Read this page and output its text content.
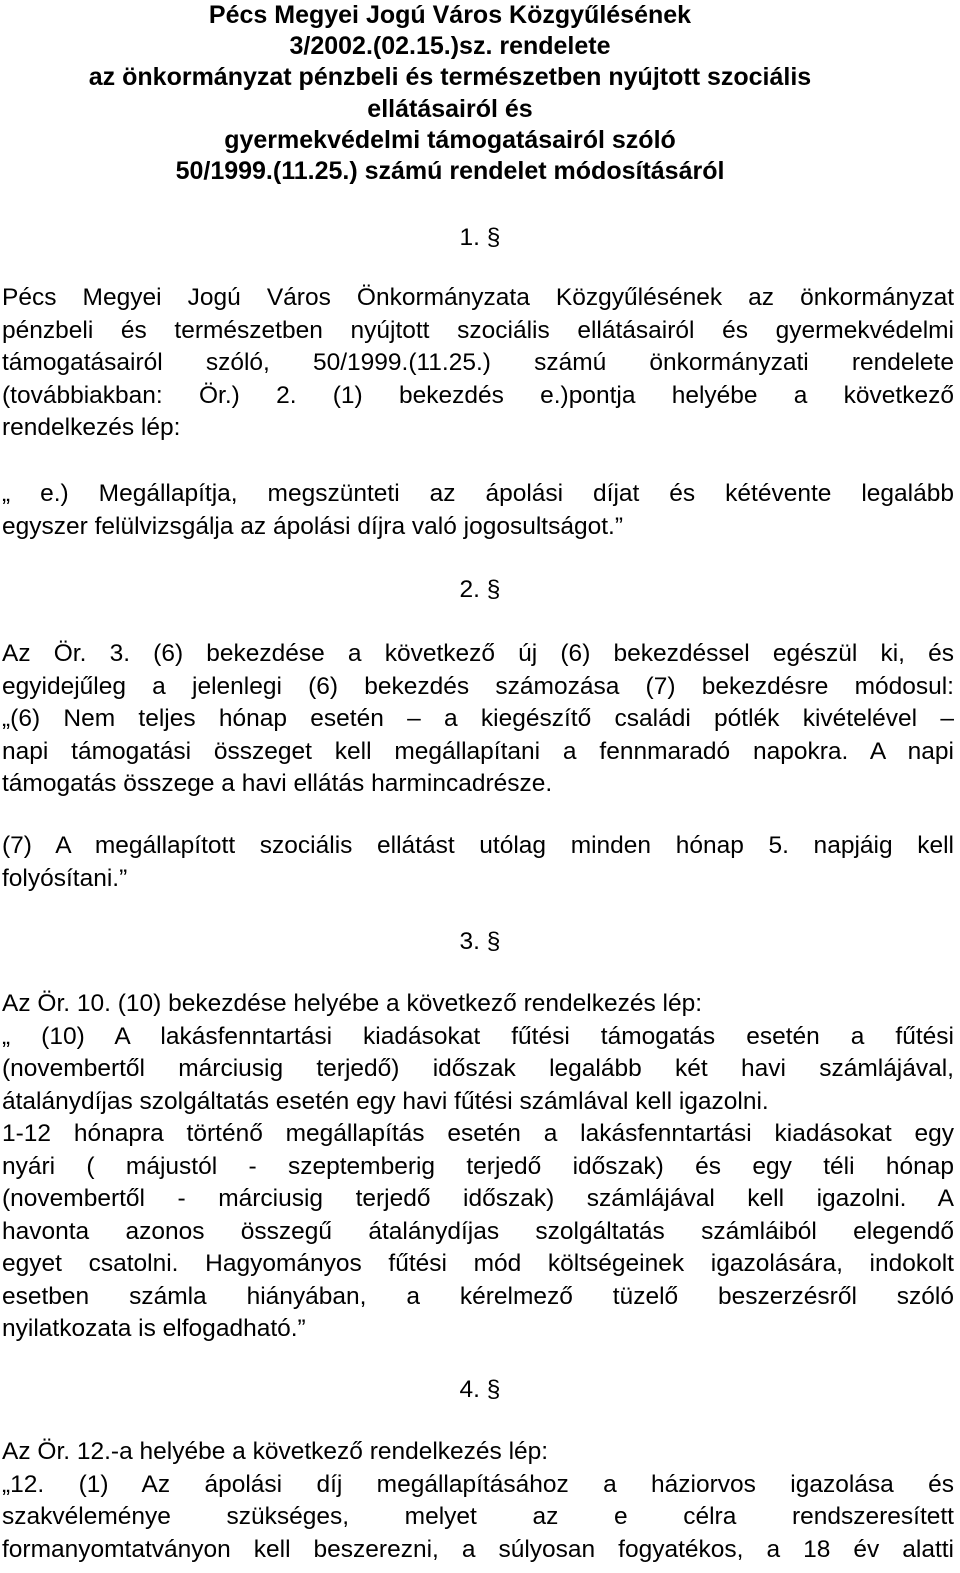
Pécs Megyei Jogú Város Közgyűlésének
3/2002.(02.15.)sz. rendelete
az önkormányzat pénzbeli és természetben nyújtott szociális
ellátásairól és
gyermekvédelmi támogatásairól szóló
50/1999.(11.25.) számú rendelet módosításáról
1. §
Pécs Megyei Jogú Város Önkormányzata Közgyűlésének az önkormányzat
pénzbeli és természetben nyújtott szociális ellátásairól és gyermekvédelmi
támogatásairól szóló, 50/1999.(11.25.) számú önkormányzati rendelete
(továbbiakban: Ör.) 2. (1) bekezdés e.)pontja helyébe a következő
rendelkezés lép:
„ e.) Megállapítja, megszünteti az ápolási díjat és kétévente legalább
egyszer felülvizsgálja az ápolási díjra való jogosultságot.”
2. §
Az Ör. 3. (6) bekezdése a következő új (6) bekezdéssel egészül ki, és
egyidejűleg a jelenlegi (6) bekezdés számozása (7) bekezdésre módosul:
„(6) Nem teljes hónap esetén – a kiegészítő családi pótlék kivételével –
napi támogatási összeget kell megállapítani a fennmaradó napokra. A napi
támogatás összege a havi ellátás harmincadrésze.
(7) A megállapított szociális ellátást utólag minden hónap 5. napjáig kell
folyósítani.”
3. §
Az Ör. 10. (10) bekezdése helyébe a következő rendelkezés lép:
„ (10) A lakásfenntartási kiadásokat fűtési támogatás esetén a fűtési
(novembertől márciusig terjedő) időszak legalább két havi számlájával,
átalánydíjas szolgáltatás esetén egy havi fűtési számlával kell igazolni.
1-12 hónapra történő megállapítás esetén a lakásfenntartási kiadásokat egy
nyári ( májustól - szeptemberig terjedő időszak) és egy téli hónap
(novembertől - márciusig terjedő időszak) számlájával kell igazolni. A
havonta azonos összegű átalánydíjas szolgáltatás számláiból elegendő
egyet csatolni. Hagyományos fűtési mód költségeinek igazolására, indokolt
esetben számla hiányában, a kérelmező tüzelő beszerzésről szóló
nyilatkozata is elfogadható.”
4. §
Az Ör. 12.-a helyébe a következő rendelkezés lép:
„12. (1) Az ápolási díj megállapításához a háziorvos igazolása és
szakvéleménye szükséges, melyet az e célra rendszeresített
formanyomtatványon kell beszerezni, a súlyosan fogyatékos, a 18 év alatti
